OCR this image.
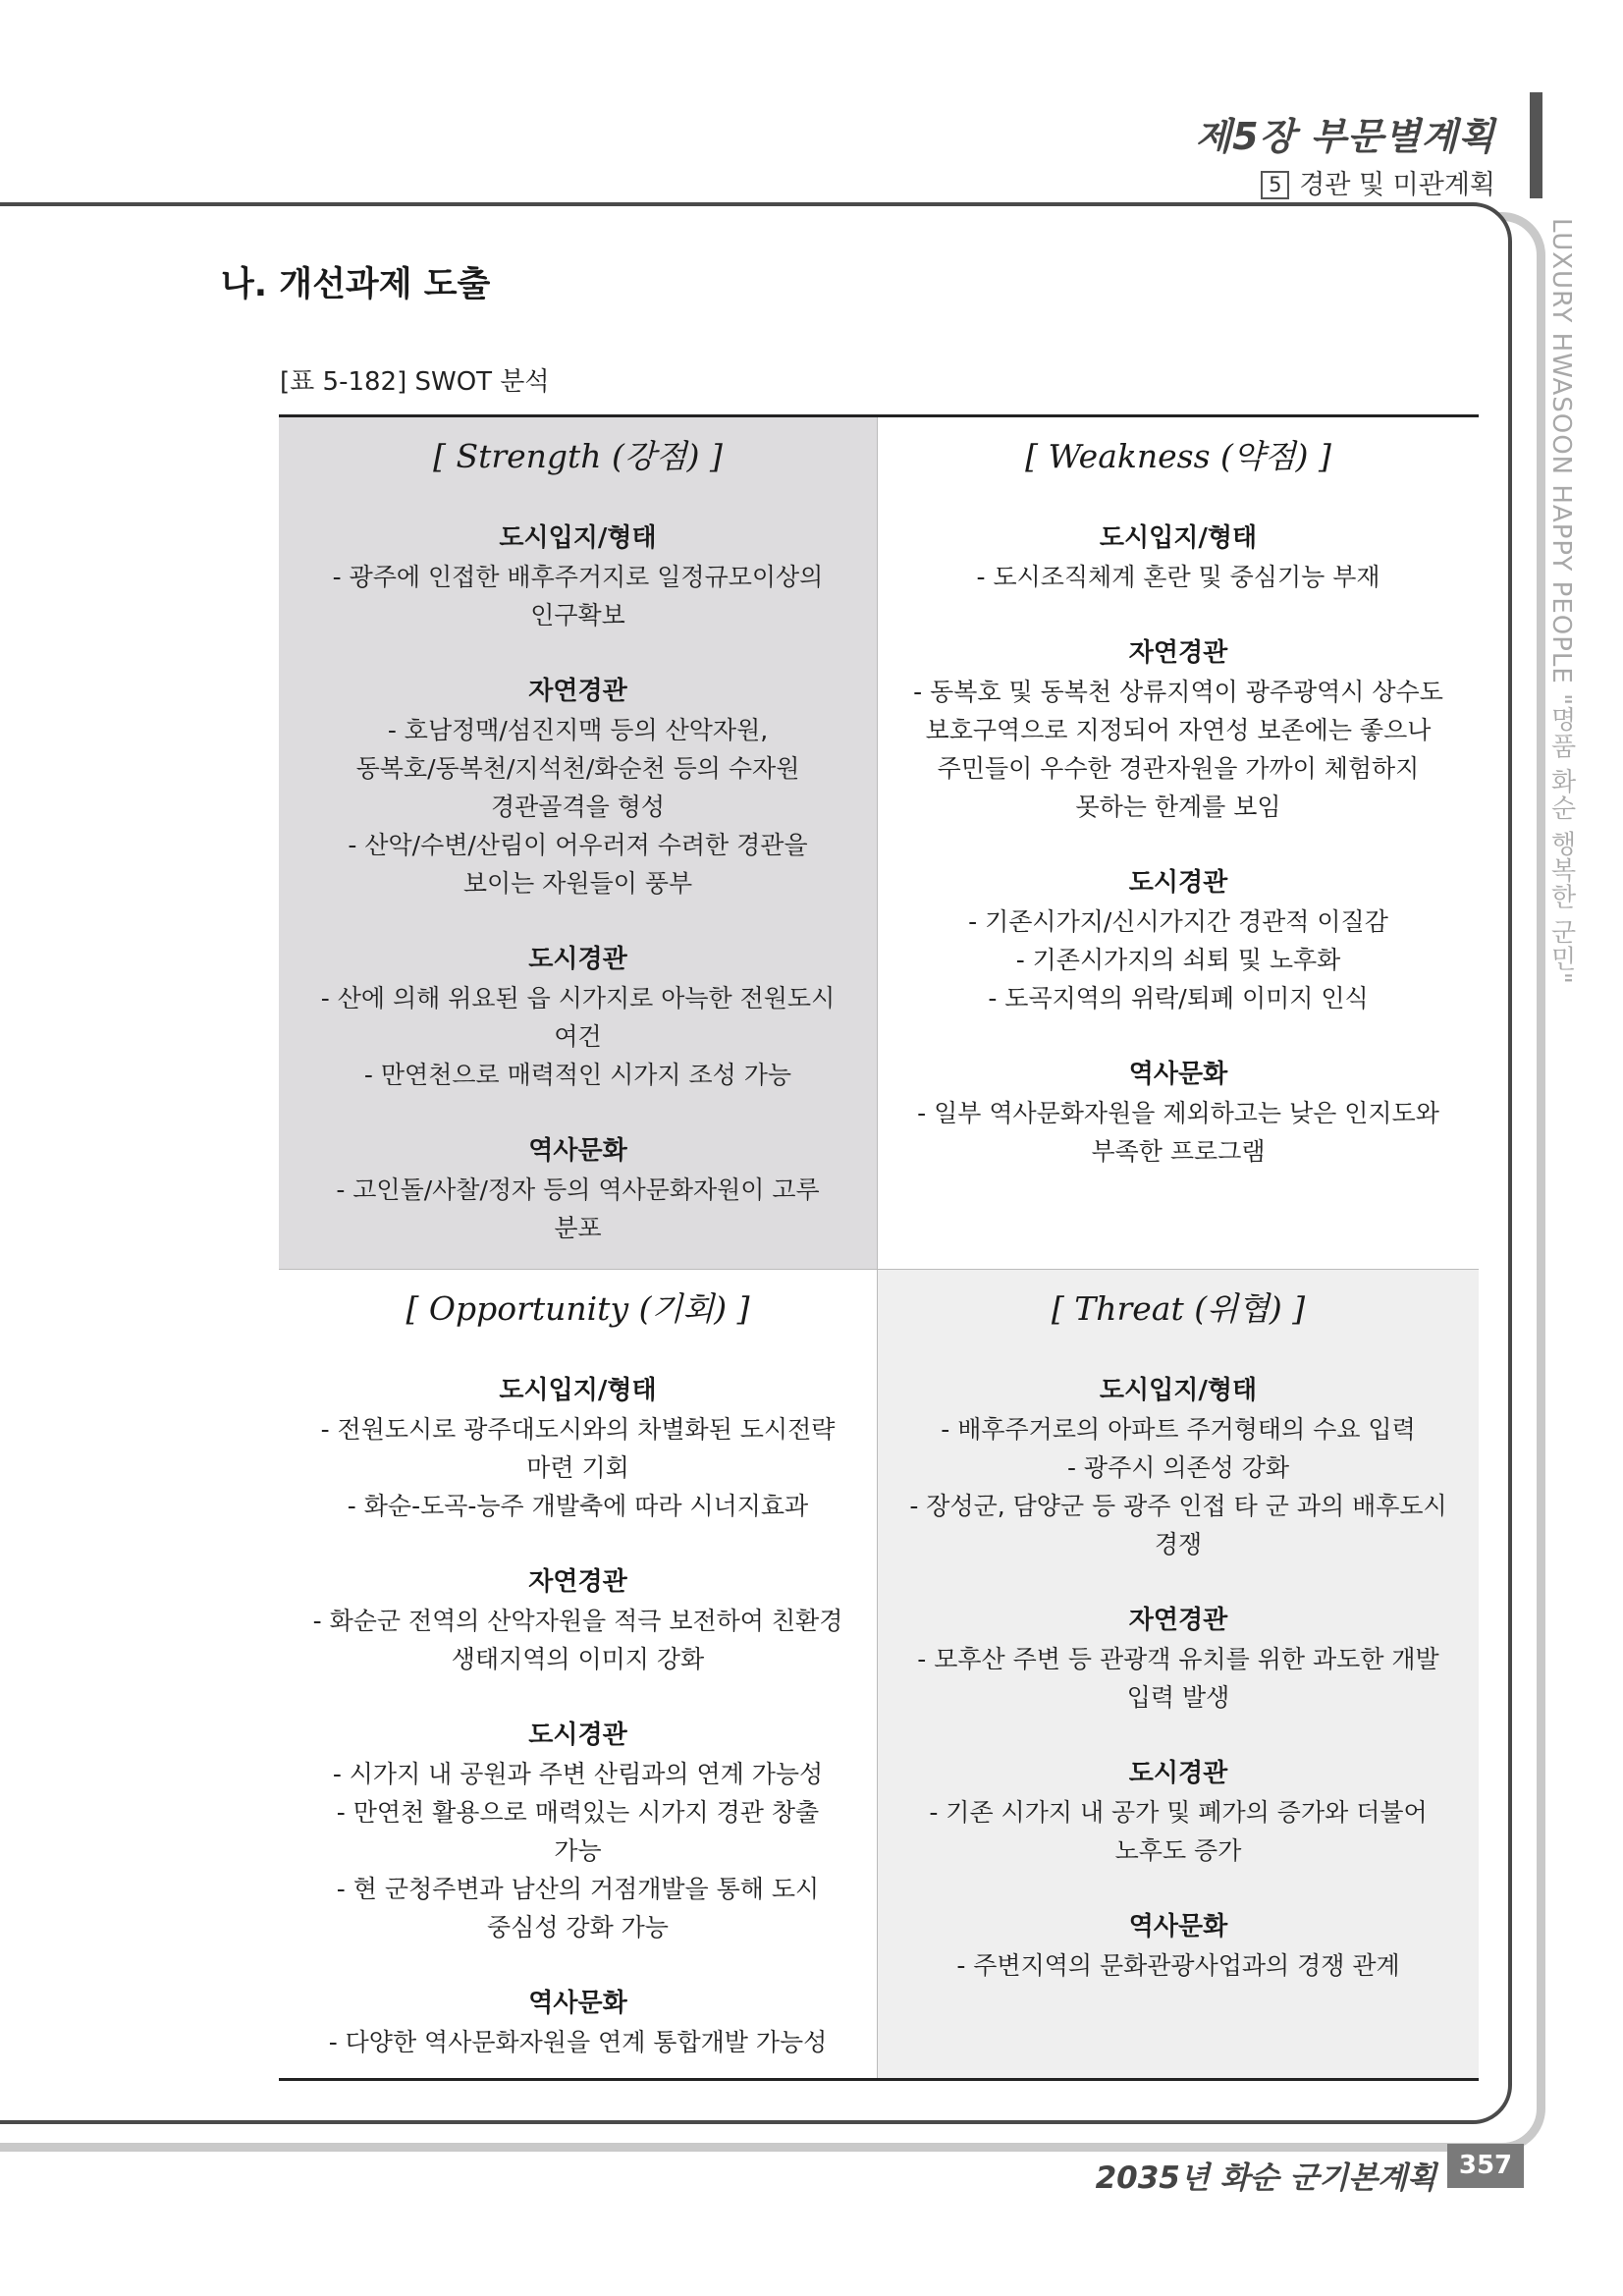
제5장 부문별계획
5 경관 및 미관계획
LUXURY HWASOON HAPPY PEOPLE "명품 화순 행복한 군민"
나. 개선과제 도출
[표 5-182] SWOT 분석
[ Strength (강점) ]
도시입지/형태
- 광주에 인접한 배후주거지로 일정규모이상의
인구확보
자연경관
- 호남정맥/섬진지맥 등의 산악자원,
동복호/동복천/지석천/화순천 등의 수자원
경관골격을 형성
- 산악/수변/산림이 어우러져 수려한 경관을
보이는 자원들이 풍부
도시경관
- 산에 의해 위요된 읍 시가지로 아늑한 전원도시
여건
- 만연천으로 매력적인 시가지 조성 가능
역사문화
- 고인돌/사찰/정자 등의 역사문화자원이 고루
분포
[ Weakness (약점) ]
도시입지/형태
- 도시조직체계 혼란 및 중심기능 부재
자연경관
- 동복호 및 동복천 상류지역이 광주광역시 상수도
보호구역으로 지정되어 자연성 보존에는 좋으나
주민들이 우수한 경관자원을 가까이 체험하지
못하는 한계를 보임
도시경관
- 기존시가지/신시가지간 경관적 이질감
- 기존시가지의 쇠퇴 및 노후화
- 도곡지역의 위락/퇴폐 이미지 인식
역사문화
- 일부 역사문화자원을 제외하고는 낮은 인지도와
부족한 프로그램
[ Opportunity (기회) ]
도시입지/형태
- 전원도시로 광주대도시와의 차별화된 도시전략
마련 기회
- 화순-도곡-능주 개발축에 따라 시너지효과
자연경관
- 화순군 전역의 산악자원을 적극 보전하여 친환경
생태지역의 이미지 강화
도시경관
- 시가지 내 공원과 주변 산림과의 연계 가능성
- 만연천 활용으로 매력있는 시가지 경관 창출
가능
- 현 군청주변과 남산의 거점개발을 통해 도시
중심성 강화 가능
역사문화
- 다양한 역사문화자원을 연계 통합개발 가능성
[ Threat (위협) ]
도시입지/형태
- 배후주거로의 아파트 주거형태의 수요 입력
- 광주시 의존성 강화
- 장성군, 담양군 등 광주 인접 타 군 과의 배후도시
경쟁
자연경관
- 모후산 주변 등 관광객 유치를 위한 과도한 개발
입력 발생
도시경관
- 기존 시가지 내 공가 및 폐가의 증가와 더불어
노후도 증가
역사문화
- 주변지역의 문화관광사업과의 경쟁 관계
2035년 화순 군기본계획 357
